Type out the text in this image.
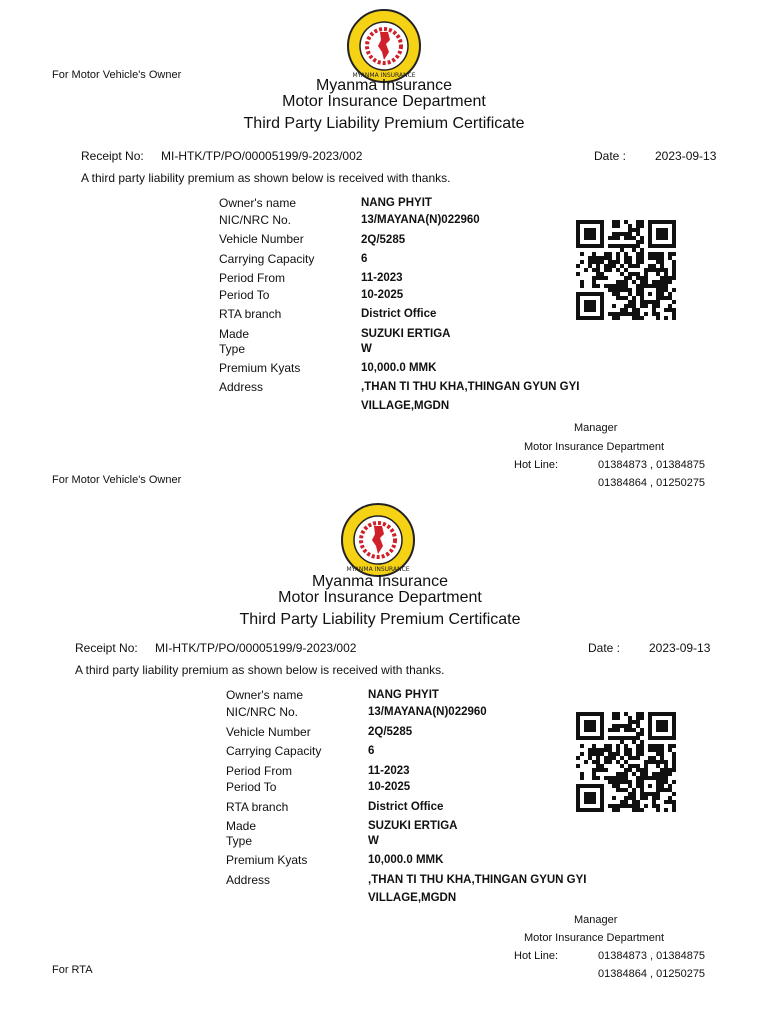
For Motor Vehicle's Owner	MYANMA INSURANCE
Myanma Insurance
Motor Insurance Department
Third Party Liability Premium Certificate
Receipt No: MI-HTK/TP/PO/00005199/9-2023/002	Date : 2023-09-13
A third party liability premium as shown below is received with thanks.
Owner's name	NANG PHYIT
NIC/NRC No.	13/MAYANA(N)022960
Vehicle Number	2Q/5285
Carrying Capacity	6
Period From	11-2023
Period To	10-2025
RTA branch	District Office
Made	SUZUKI ERTIGA
Type	W
Premium Kyats	10,000.0 MMK
Address	,THAN TI THU KHA,THINGAN GYUN GYI
VILLAGE,MGDN
Manager
Motor Insurance Department
Hot Line:	01384873 , 01384875
01384864 , 01250275
For Motor Vehicle's Owner
MYANMA INSURANCE
Myanma Insurance
Motor Insurance Department
Third Party Liability Premium Certificate
Receipt No: MI-HTK/TP/PO/00005199/9-2023/002	Date : 2023-09-13
A third party liability premium as shown below is received with thanks.
Owner's name	NANG PHYIT
NIC/NRC No.	13/MAYANA(N)022960
Vehicle Number	2Q/5285
Carrying Capacity	6
Period From	11-2023
Period To	10-2025
RTA branch	District Office
Made	SUZUKI ERTIGA
Type	W
Premium Kyats	10,000.0 MMK
Address	,THAN TI THU KHA,THINGAN GYUN GYI
VILLAGE,MGDN
Manager
Motor Insurance Department
Hot Line:	01384873 , 01384875
01384864 , 01250275
For RTA
